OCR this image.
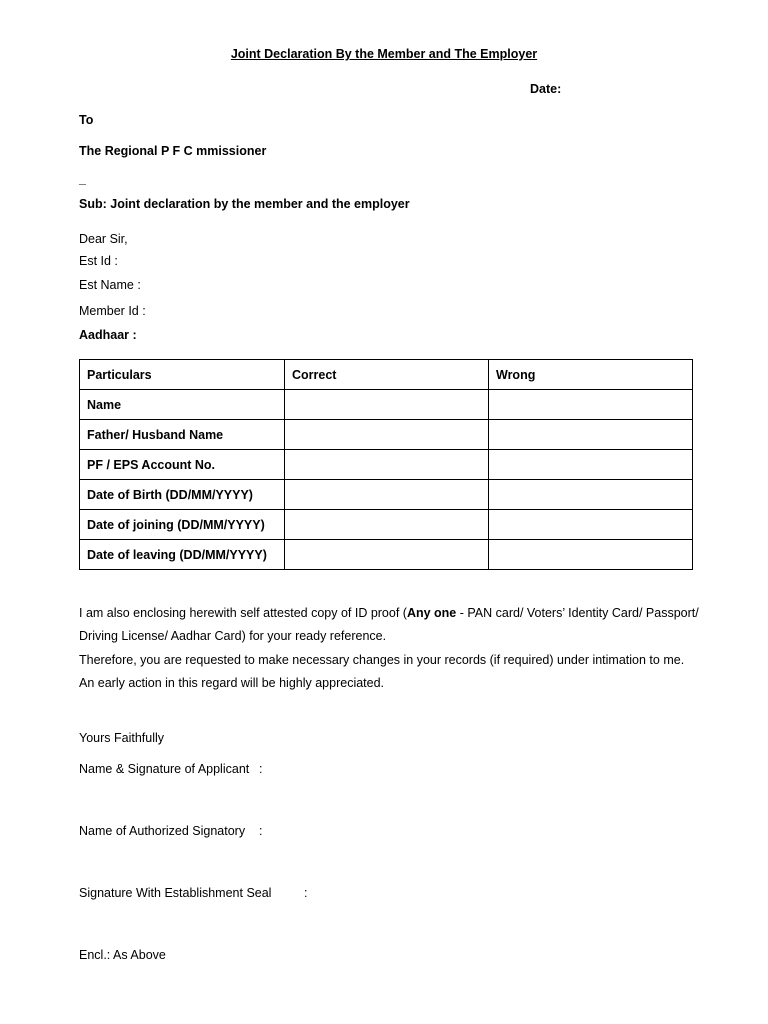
Joint Declaration By the Member and The Employer
Date:
To
The Regional P F C mmissioner
_
Sub: Joint declaration by the member and the employer
Dear Sir,
Est Id :
Est Name :
Member Id :
Aadhaar :
Particulars	Correct	Wrong
Name		
Father/ Husband Name		
PF / EPS Account No.		
Date of Birth (DD/MM/YYYY)		
Date of joining (DD/MM/YYYY)		
Date of leaving (DD/MM/YYYY)		
I am also enclosing herewith self attested copy of ID proof (Any one - PAN card/ Voters’ Identity Card/ Passport/
Driving License/ Aadhar Card) for your ready reference.
Therefore, you are requested to make necessary changes in your records (if required) under intimation to me.
An early action in this regard will be highly appreciated.
Yours Faithfully
Name & Signature of Applicant :
Name of Authorized Signatory :
Signature With Establishment Seal	:
Encl.: As Above
